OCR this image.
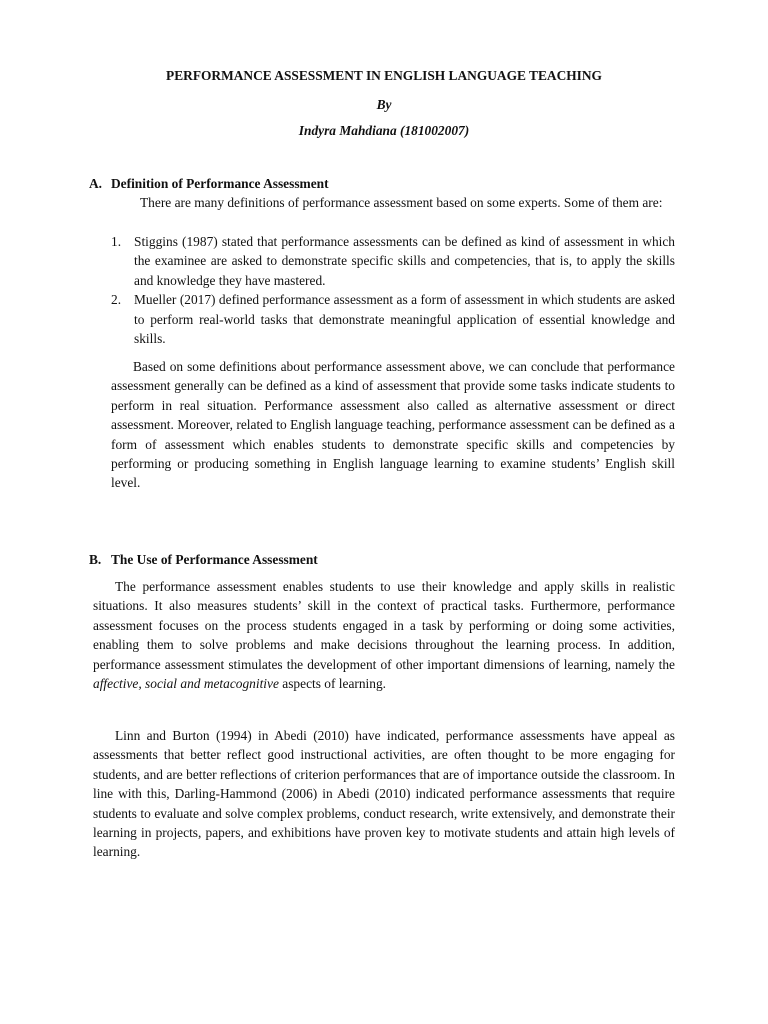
PERFORMANCE ASSESSMENT IN ENGLISH LANGUAGE TEACHING

By

Indyra Mahdiana (181002007)

A. Definition of Performance Assessment

There are many definitions of performance assessment based on some experts. Some of them are:

1. Stiggins (1987) stated that performance assessments can be defined as kind of assessment in which the examinee are asked to demonstrate specific skills and competencies, that is, to apply the skills and knowledge they have mastered.
2. Mueller (2017) defined performance assessment as a form of assessment in which students are asked to perform real-world tasks that demonstrate meaningful application of essential knowledge and skills.

Based on some definitions about performance assessment above, we can conclude that performance assessment generally can be defined as a kind of assessment that provide some tasks indicate students to perform in real situation. Performance assessment also called as alternative assessment or direct assessment. Moreover, related to English language teaching, performance assessment can be defined as a form of assessment which enables students to demonstrate specific skills and competencies by performing or producing something in English language learning to examine students’ English skill level.

B. The Use of Performance Assessment

The performance assessment enables students to use their knowledge and apply skills in realistic situations. It also measures students’ skill in the context of practical tasks. Furthermore, performance assessment focuses on the process students engaged in a task by performing or doing some activities, enabling them to solve problems and make decisions throughout the learning process. In addition, performance assessment stimulates the development of other important dimensions of learning, namely the affective, social and metacognitive aspects of learning.

Linn and Burton (1994) in Abedi (2010) have indicated, performance assessments have appeal as assessments that better reflect good instructional activities, are often thought to be more engaging for students, and are better reflections of criterion performances that are of importance outside the classroom. In line with this, Darling-Hammond (2006) in Abedi (2010) indicated performance assessments that require students to evaluate and solve complex problems, conduct research, write extensively, and demonstrate their learning in projects, papers, and exhibitions have proven key to motivate students and attain high levels of learning.
